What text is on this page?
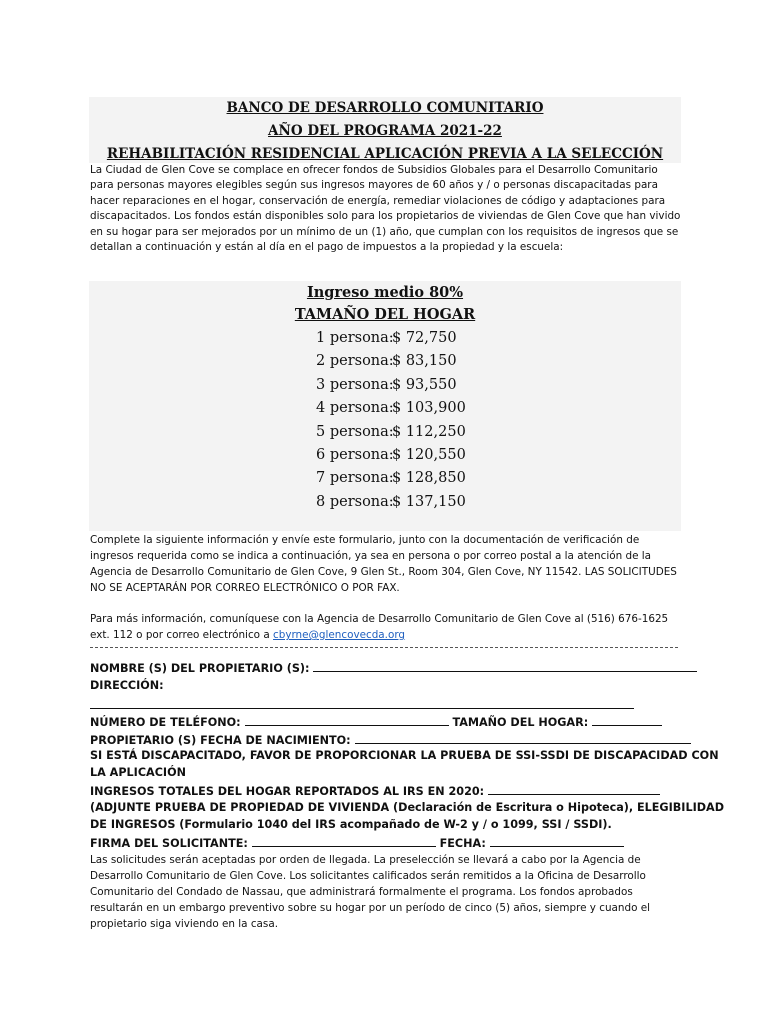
BANCO DE DESARROLLO COMUNITARIO
AÑO DEL PROGRAMA 2021-22
REHABILITACIÓN RESIDENCIAL APLICACIÓN PREVIA A LA SELECCIÓN
La Ciudad de Glen Cove se complace en ofrecer fondos de Subsidios Globales para el Desarrollo Comunitario para personas mayores elegibles según sus ingresos mayores de 60 años y / o personas discapacitadas para hacer reparaciones en el hogar, conservación de energía, remediar violaciones de código y adaptaciones para discapacitados. Los fondos están disponibles solo para los propietarios de viviendas de Glen Cove que han vivido en su hogar para ser mejorados por un mínimo de un (1) año, que cumplan con los requisitos de ingresos que se detallan a continuación y están al día en el pago de impuestos a la propiedad y la escuela:
Ingreso medio 80%
TAMAÑO DEL HOGAR
1 persona:
$ 72,750
2 persona:
$ 83,150
3 persona:
$ 93,550
4 persona:
$ 103,900
5 persona:
$ 112,250
6 persona:
$ 120,550
7 persona:
$ 128,850
8 persona:
$ 137,150
Complete la siguiente información y envíe este formulario, junto con la documentación de verificación de ingresos requerida como se indica a continuación, ya sea en persona o por correo postal a la atención de la Agencia de Desarrollo Comunitario de Glen Cove, 9 Glen St., Room 304, Glen Cove, NY 11542. LAS SOLICITUDES NO SE ACEPTARÁN POR CORREO ELECTRÓNICO O POR FAX.
Para más información, comuníquese con la Agencia de Desarrollo Comunitario de Glen Cove al (516) 676-1625 ext. 112 o por correo electrónico a cbyrne@glencovecda.org
NOMBRE (S) DEL PROPIETARIO (S):
DIRECCIÓN:
NÚMERO DE TELÉFONO:	TAMAÑO DEL HOGAR:
PROPIETARIO (S) FECHA DE NACIMIENTO:
SI ESTÁ DISCAPACITADO, FAVOR DE PROPORCIONAR LA PRUEBA DE SSI-SSDI DE DISCAPACIDAD CON
LA APLICACIÓN
INGRESOS TOTALES DEL HOGAR REPORTADOS AL IRS EN 2020:
(ADJUNTE PRUEBA DE PROPIEDAD DE VIVIENDA (Declaración de Escritura o Hipoteca), ELEGIBILIDAD
DE INGRESOS (Formulario 1040 del IRS acompañado de W-2 y / o 1099, SSI / SSDI).
FIRMA DEL SOLICITANTE:	FECHA:
Las solicitudes serán aceptadas por orden de llegada. La preselección se llevará a cabo por la Agencia de Desarrollo Comunitario de Glen Cove. Los solicitantes calificados serán remitidos a la Oficina de Desarrollo Comunitario del Condado de Nassau, que administrará formalmente el programa. Los fondos aprobados resultarán en un embargo preventivo sobre su hogar por un período de cinco (5) años, siempre y cuando el propietario siga viviendo en la casa.
